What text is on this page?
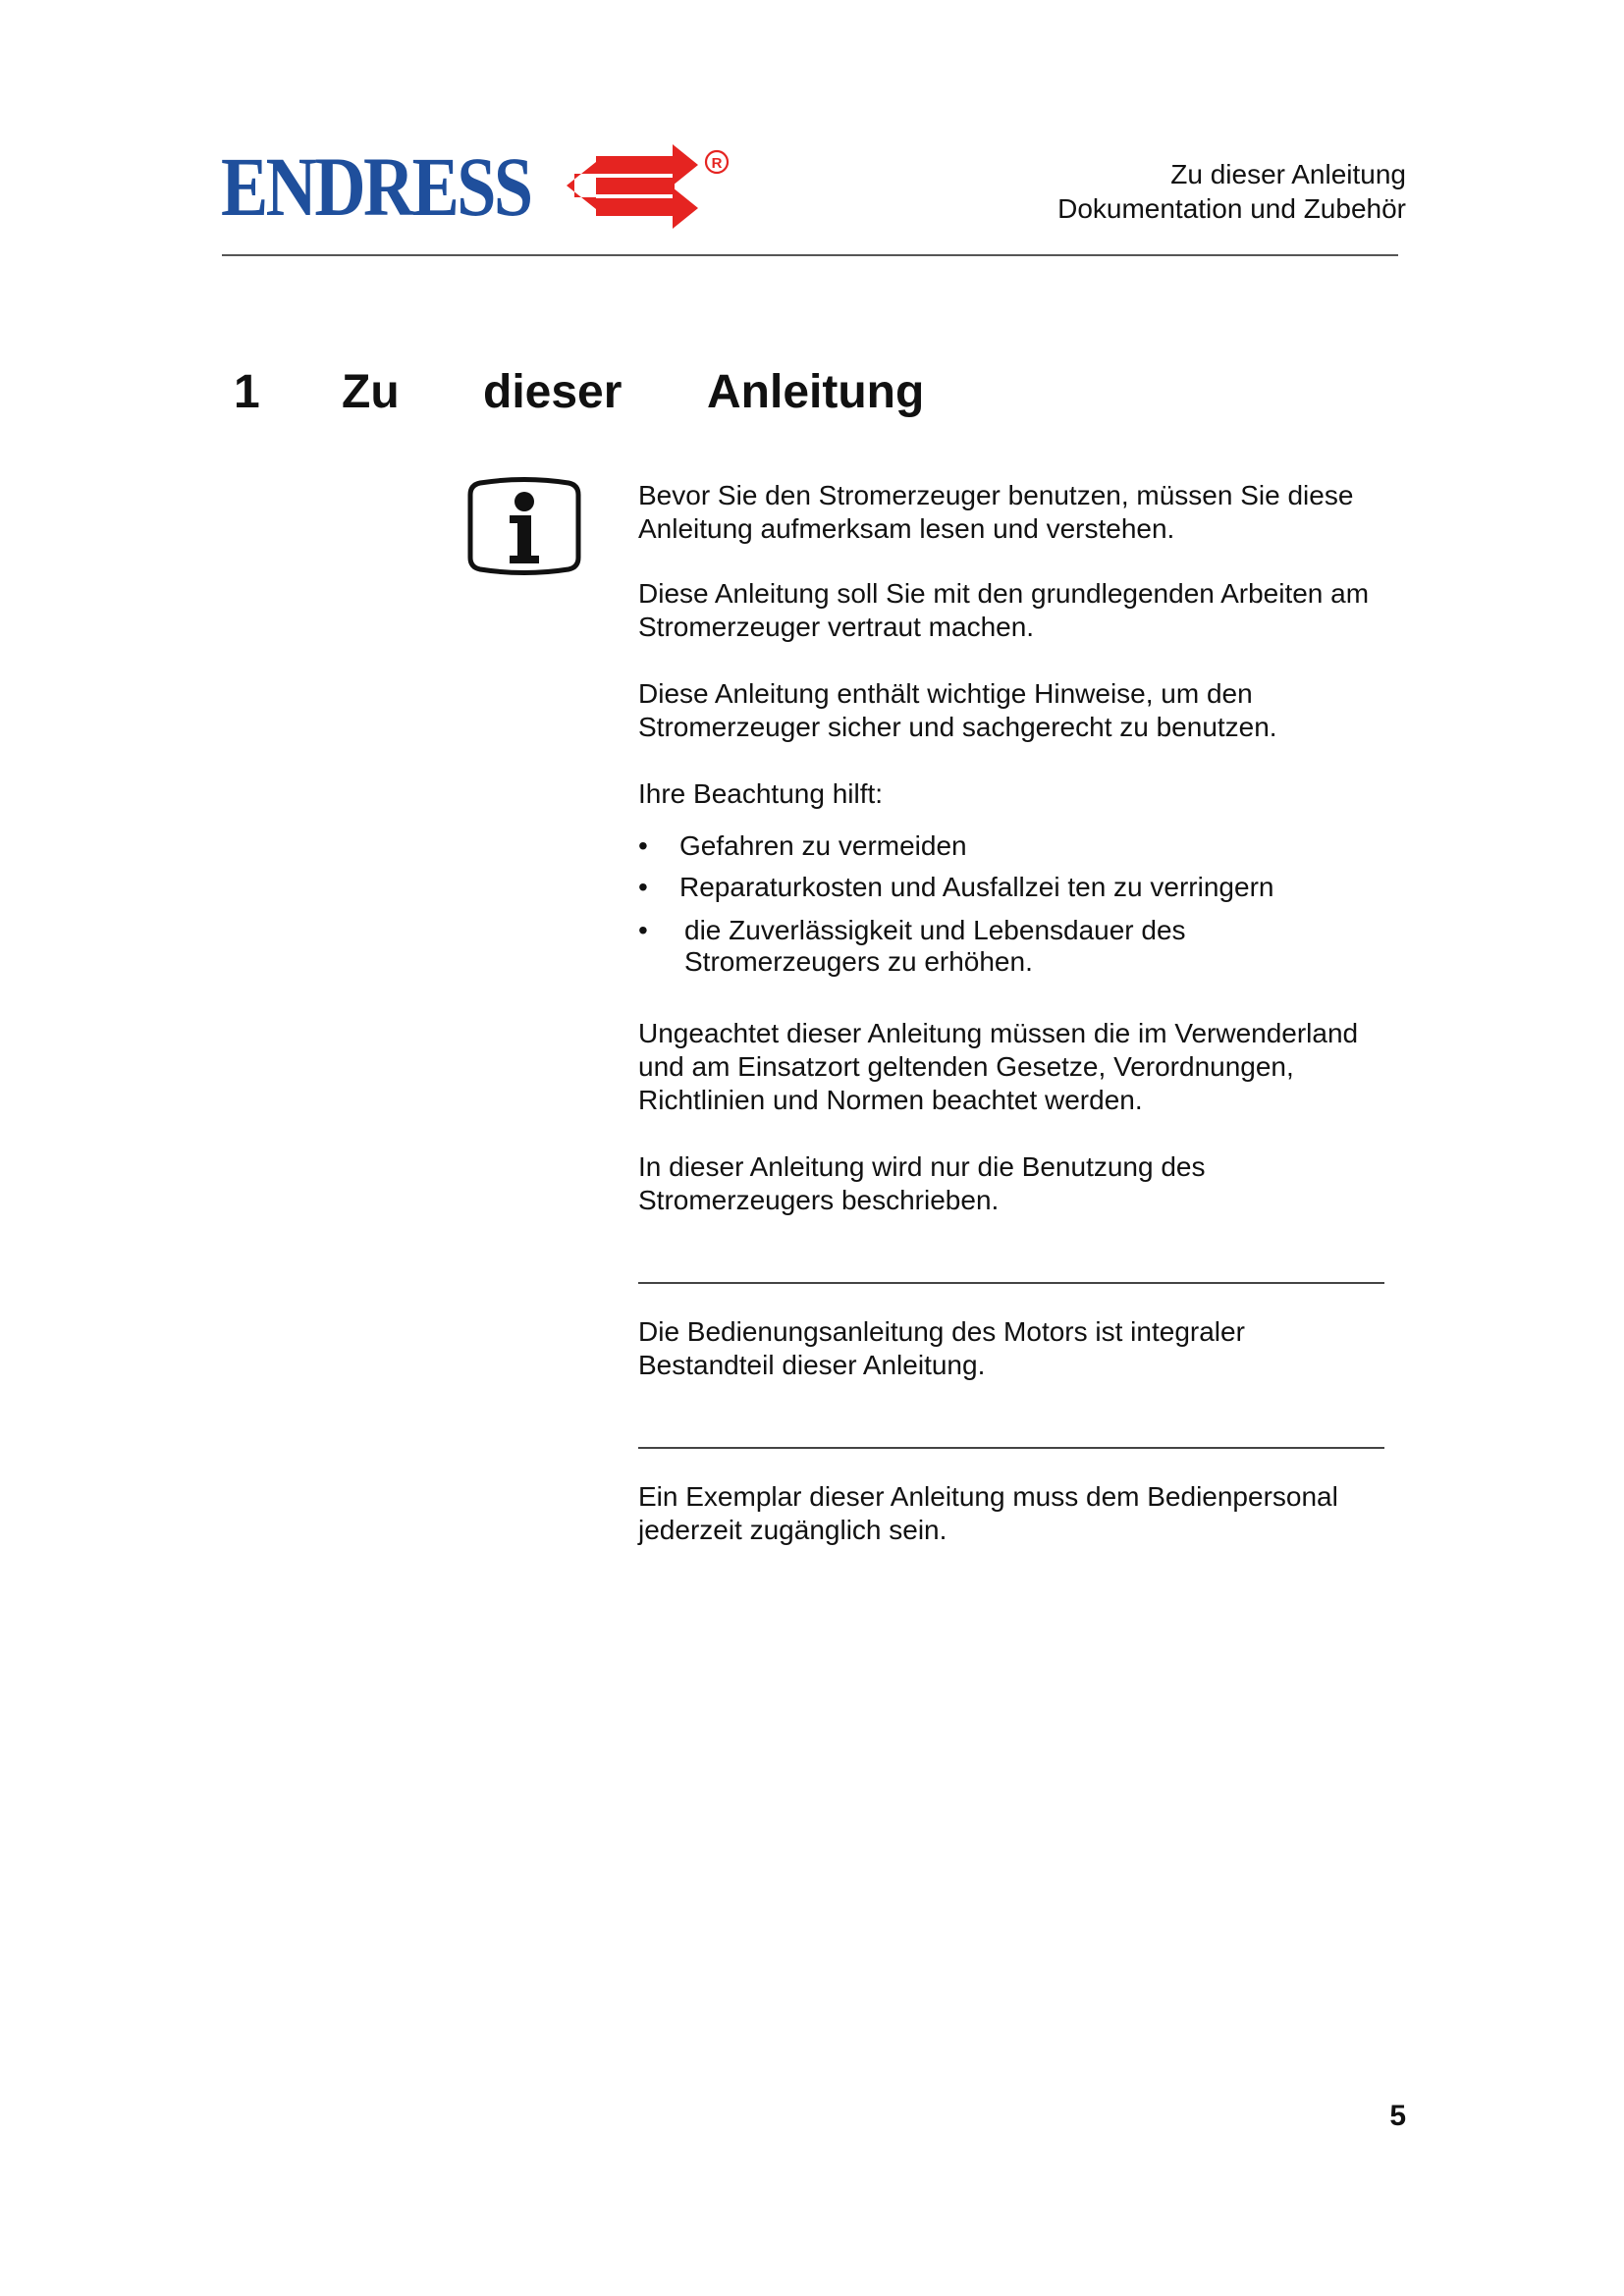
ENDRESS	R	Zu dieser Anleitung
Dokumentation und Zubehör
1 Zu dieser Anleitung

Bevor Sie den Stromerzeuger benutzen, müssen Sie diese Anleitung aufmerksam lesen und verstehen.

Diese Anleitung soll Sie mit den grundlegenden Arbeiten am Stromerzeuger vertraut machen.

Diese Anleitung enthält wichtige Hinweise, um den Stromerzeuger sicher und sachgerecht zu benutzen.

Ihre Beachtung hilft:

• Gefahren zu vermeiden
• Reparaturkosten und Ausfallzei ten zu verringern
• die Zuverlässigkeit und Lebensdauer des Stromerzeugers zu erhöhen.

Ungeachtet dieser Anleitung müssen die im Verwenderland und am Einsatzort geltenden Gesetze, Verordnungen, Richtlinien und Normen beachtet werden.

In dieser Anleitung wird nur die Benutzung des Stromerzeugers beschrieben.

Die Bedienungsanleitung des Motors ist integraler Bestandteil dieser Anleitung.

Ein Exemplar dieser Anleitung muss dem Bedienpersonal jederzeit zugänglich sein.

5
